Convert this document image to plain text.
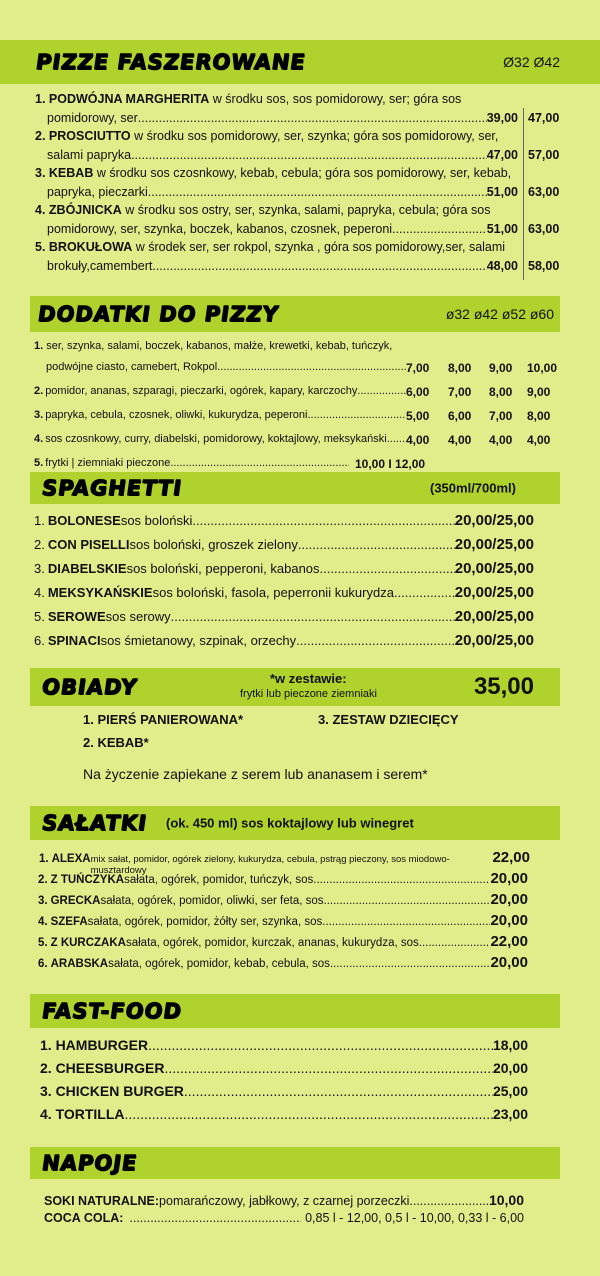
PIZZE FASZEROWANE	Ø32 Ø42
1. PODWÓJNA MARGHERITA w środku sos, sos pomidorowy, ser; góra sos
pomidorowy, ser .....	39,00 47,00
2. PROSCIUTTO w środku sos pomidorowy, ser, szynka; góra sos pomidorowy, ser,
salami papryka .....	47,00 57,00
3. KEBAB w środku sos czosnkowy, kebab, cebula; góra sos pomidorowy, ser, kebab,
papryka, pieczarki .....	51,00 63,00
4. ZBÓJNICKA w środku sos ostry, ser, szynka, salami, papryka, cebula; góra sos
pomidorowy, ser, szynka, boczek, kabanos, czosnek, peperoni .....	51,00 63,00
5. BROKUŁOWA w środek ser, ser rokpol, szynka , góra sos pomidorowy,ser, salami
brokuły,camembert .....	48,00 58,00
DODATKI DO PIZZY	ø32 ø42 ø52 ø60
1. ser, szynka, salami, boczek, kabanos, małże, krewetki, kebab, tuńczyk,
podwójne ciasto, camebert, Rokpol .....	7,00 8,00 9,00 10,00
2. pomidor, ananas, szparagi, pieczarki, ogórek, kapary, karczochy .....	6,00 7,00 8,00 9,00
3. papryka, cebula, czosnek, oliwki, kukurydza, peperoni .....	5,00 6,00 7,00 8,00
4. sos czosnkowy, curry, diabelski, pomidorowy, koktajlowy, meksykański ..... 4,00 4,00 4,00 4,00
5. frytki | ziemniaki pieczone .....	10,00 I 12,00
SPAGHETTI	(350ml/700ml)
1. BOLONESE sos boloński .....	20,00/25,00
2. CON PISELLI sos boloński, groszek zielony .....	20,00/25,00
3. DIABELSKIE sos boloński, pepperoni, kabanos .....	20,00/25,00
4. MEKSYKAŃSKIE sos boloński, fasola, peperronii kukurydza .....	20,00/25,00
5. SEROWE sos serowy .....	20,00/25,00
6. SPINACI sos śmietanowy, szpinak, orzechy .....	20,00/25,00
OBIADY	*w zestawie:
frytki lub pieczone ziemniaki	35,00
1. PIERŚ PANIEROWANA*	3. ZESTAW DZIECIĘCY
2. KEBAB*
Na życzenie zapiekane z serem lub ananasem i serem*
SAŁATKI (ok. 450 ml) sos koktajlowy lub winegret
1. ALEXA mix sałat, pomidor, ogórek zielony, kukurydza, cebula, pstrąg pieczony, sos miodowo-musztardowy
22,00
2. Z TUŃCZYKA sałata, ogórek, pomidor, tuńczyk, sos .....	20,00
3. GRECKA sałata, ogórek, pomidor, oliwki, ser feta, sos .....	20,00
4. SZEFA sałata, ogórek, pomidor, żółty ser, szynka, sos .....	20,00
5. Z KURCZAKA sałata, ogórek, pomidor, kurczak, ananas, kukurydza, sos .....	22,00
6. ARABSKA sałata, ogórek, pomidor, kebab, cebula, sos .....	20,00
FAST-FOOD
1. HAMBURGER .....	18,00
2. CHEESBURGER .....	20,00
3. CHICKEN BURGER .....	25,00
4. TORTILLA .....	23,00
NAPOJE
SOKI NATURALNE: pomarańczowy, jabłkowy, z czarnej porzeczki .....	10,00
COCA COLA: .....	0,85 l - 12,00, 0,5 l - 10,00, 0,33 l - 6,00
